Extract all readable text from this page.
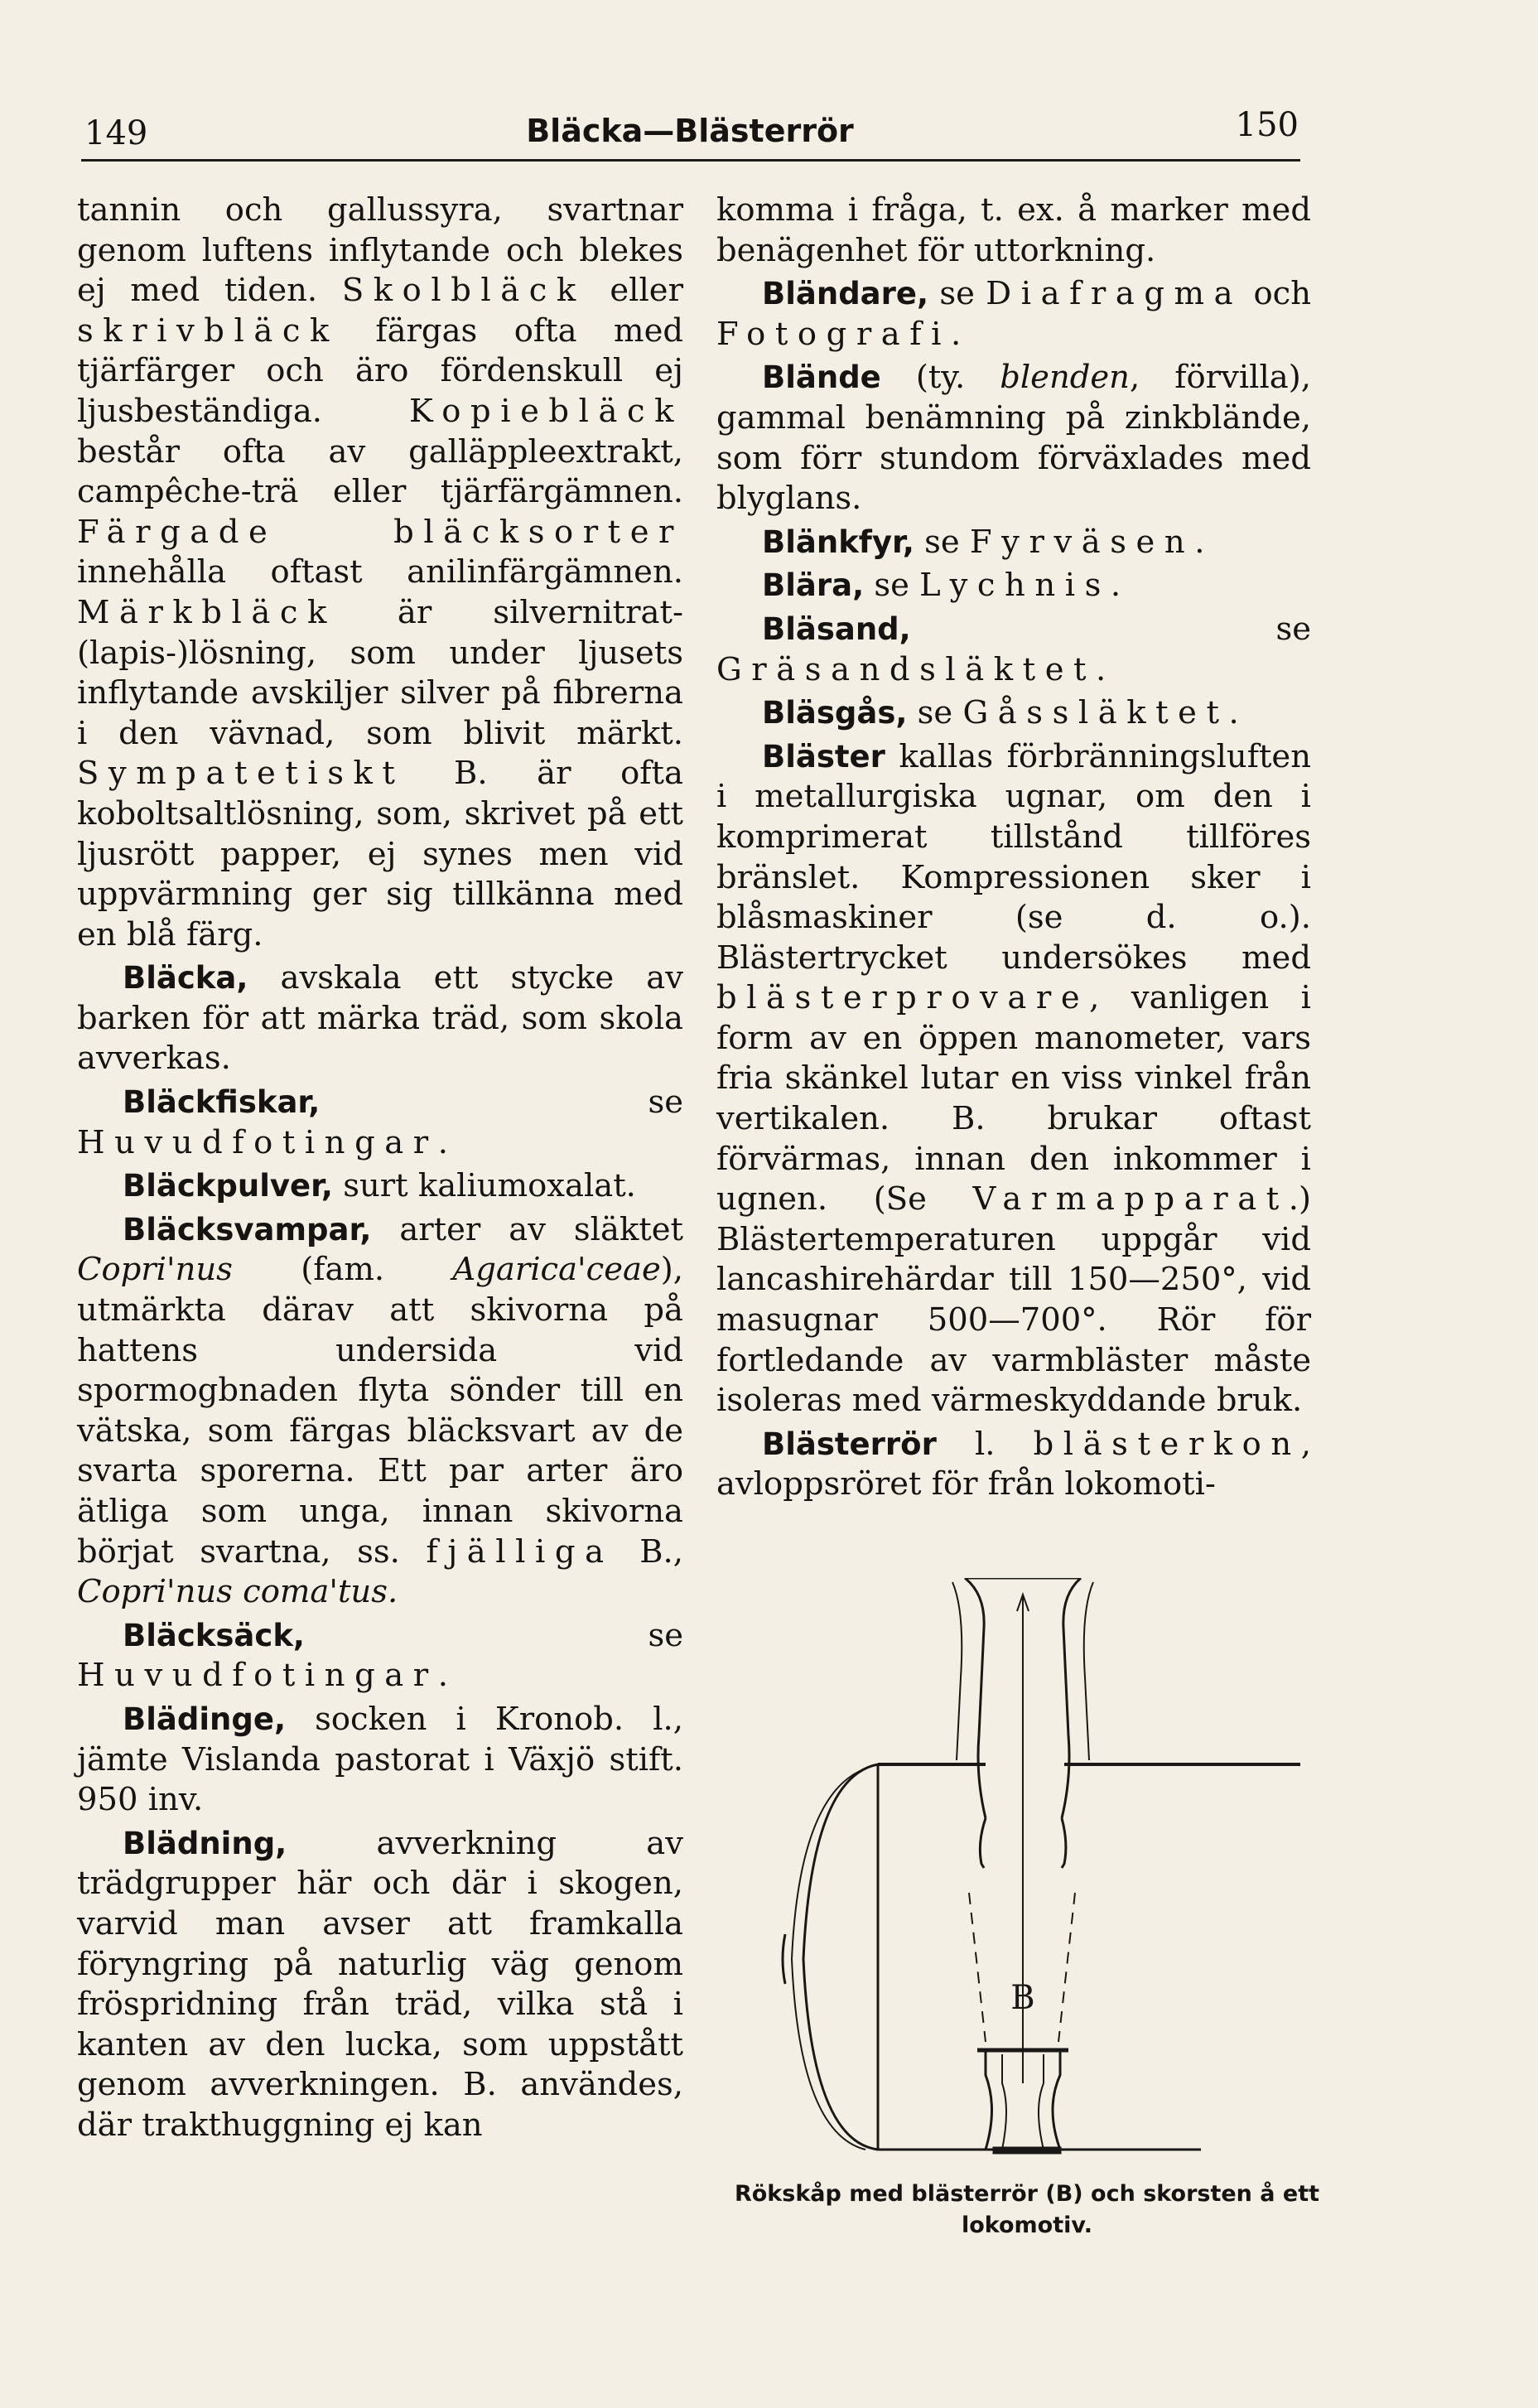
149	Bläcka—Blästerrör	150

tannin och gallussyra, svartnar genom luftens inflytande och blekes ej med tiden. Skolbläck eller skrivbläck färgas ofta med tjärfärger och äro fördenskull ej ljusbeständiga. Kopiebläck består ofta av galläppleextrakt, campêche-trä eller tjärfärgämnen. Färgade bläcksorter innehålla oftast anilinfärgämnen. Märkbläck är silvernitrat-(lapis-)lösning, som under ljusets inflytande avskiljer silver på fibrerna i den vävnad, som blivit märkt. Sympatetiskt B. är ofta koboltsaltlösning, som, skrivet på ett ljusrött papper, ej synes men vid uppvärmning ger sig tillkänna med en blå färg.

Bläcka, avskala ett stycke av barken för att märka träd, som skola avverkas.

Bläckfiskar, se Huvudfotingar.

Bläckpulver, surt kaliumoxalat.

Bläcksvampar, arter av släktet Copri'nus (fam. Agarica'ceae), utmärkta därav att skivorna på hattens undersida vid spormogbnaden flyta sönder till en vätska, som färgas bläcksvart av de svarta sporerna. Ett par arter äro ätliga som unga, innan skivorna börjat svartna, ss. fjälliga B., Copri'nus coma'tus.

Bläcksäck, se Huvudfotingar.

Blädinge, socken i Kronob. l., jämte Vislanda pastorat i Växjö stift. 950 inv.

Blädning, avverkning av trädgrupper här och där i skogen, varvid man avser att framkalla föryngring på naturlig väg genom fröspridning från träd, vilka stå i kanten av den lucka, som uppstått genom avverkningen. B. användes, där trakthuggning ej kan

komma i fråga, t. ex. å marker med benägenhet för uttorkning.

Bländare, se Diafragma och Fotografi.

Blände (ty. blenden, förvilla), gammal benämning på zinkblände, som förr stundom förväxlades med blyglans.

Blänkfyr, se Fyrväsen.

Blära, se Lychnis.

Bläsand, se Gräsandsläktet.

Bläsgås, se Gåssläktet.

Bläster kallas förbränningsluften i metallurgiska ugnar, om den i komprimerat tillstånd tillföres bränslet. Kompressionen sker i blåsmaskiner (se d. o.). Blästertrycket undersökes med blästerprovare, vanligen i form av en öppen manometer, vars fria skänkel lutar en viss vinkel från vertikalen. B. brukar oftast förvärmas, innan den inkommer i ugnen. (Se Varmapparat.) Blästertemperaturen uppgår vid lancashirehärdar till 150—250°, vid masugnar 500—700°. Rör för fortledande av varmbläster måste isoleras med värmeskyddande bruk.

Blästerrör l. blästerkon, avloppsröret för från lokomoti-

B
Rökskåp med blästerrör (B) och skorsten å ett lokomotiv.
